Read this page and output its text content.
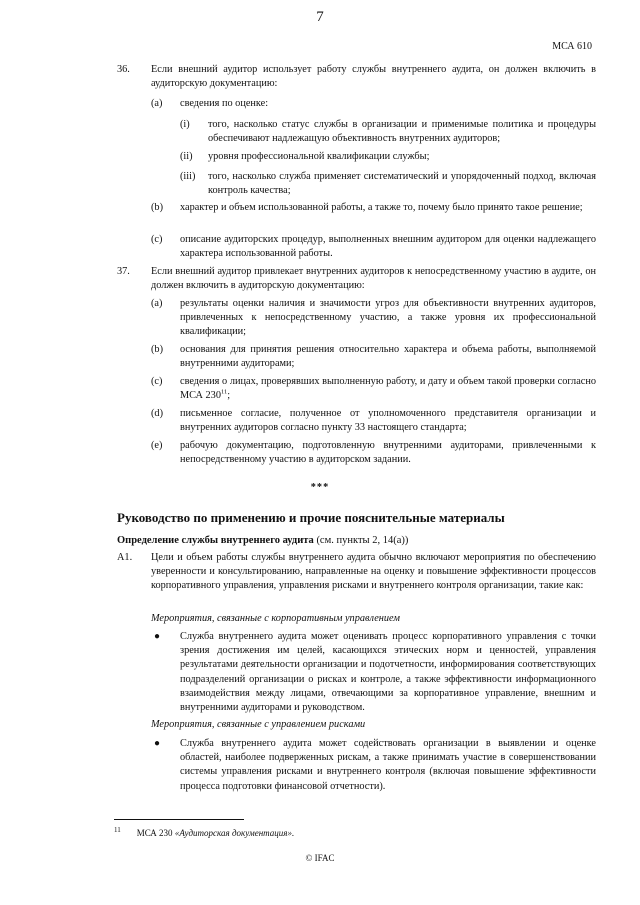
7
МСА 610
36. Если внешний аудитор использует работу службы внутреннего аудита, он должен включить в аудиторскую документацию:
(a) сведения по оценке:
(i) того, насколько статус службы в организации и применимые политика и процедуры обеспечивают надлежащую объективность внутренних аудиторов;
(ii) уровня профессиональной квалификации службы;
(iii) того, насколько служба применяет систематический и упорядоченный подход, включая контроль качества;
(b) характер и объем использованной работы, а также то, почему было принято такое решение;
(c) описание аудиторских процедур, выполненных внешним аудитором для оценки надлежащего характера использованной работы.
37. Если внешний аудитор привлекает внутренних аудиторов к непосредственному участию в аудите, он должен включить в аудиторскую документацию:
(a) результаты оценки наличия и значимости угроз для объективности внутренних аудиторов, привлеченных к непосредственному участию, а также уровня их профессиональной квалификации;
(b) основания для принятия решения относительно характера и объема работы, выполняемой внутренними аудиторами;
(c) сведения о лицах, проверявших выполненную работу, и дату и объем такой проверки согласно МСА $230^{11}$;
(d) письменное согласие, полученное от уполномоченного представителя организации и внутренних аудиторов согласно пункту 33 настоящего стандарта;
(e) рабочую документацию, подготовленную внутренними аудиторами, привлеченными к непосредственному участию в аудиторском задании.
***
Руководство по применению и прочие пояснительные материалы
Определение службы внутреннего аудита (см. пункты 2, 14(a))
A1. Цели и объем работы службы внутреннего аудита обычно включают мероприятия по обеспечению уверенности и консультированию, направленные на оценку и повышение эффективности процессов корпоративного управления, управления рисками и внутреннего контроля организации, такие как:
Мероприятия, связанные с корпоративным управлением
● Служба внутреннего аудита может оценивать процесс корпоративного управления с точки зрения достижения им целей, касающихся этических норм и ценностей, управления результатами деятельности организации и подотчетности, информирования соответствующих подразделений организации о рисках и контроле, а также эффективности информационного взаимодействия между лицами, отвечающими за корпоративное управление, внешним и внутренними аудиторами и руководством.
Мероприятия, связанные с управлением рисками
● Служба внутреннего аудита может содействовать организации в выявлении и оценке областей, наиболее подверженных рискам, а также принимать участие в совершенствовании системы управления рисками и внутреннего контроля (включая повышение эффективности процесса подготовки финансовой отчетности).
$^{11}$ МСА 230 «Аудиторская документация».
© IFAC
